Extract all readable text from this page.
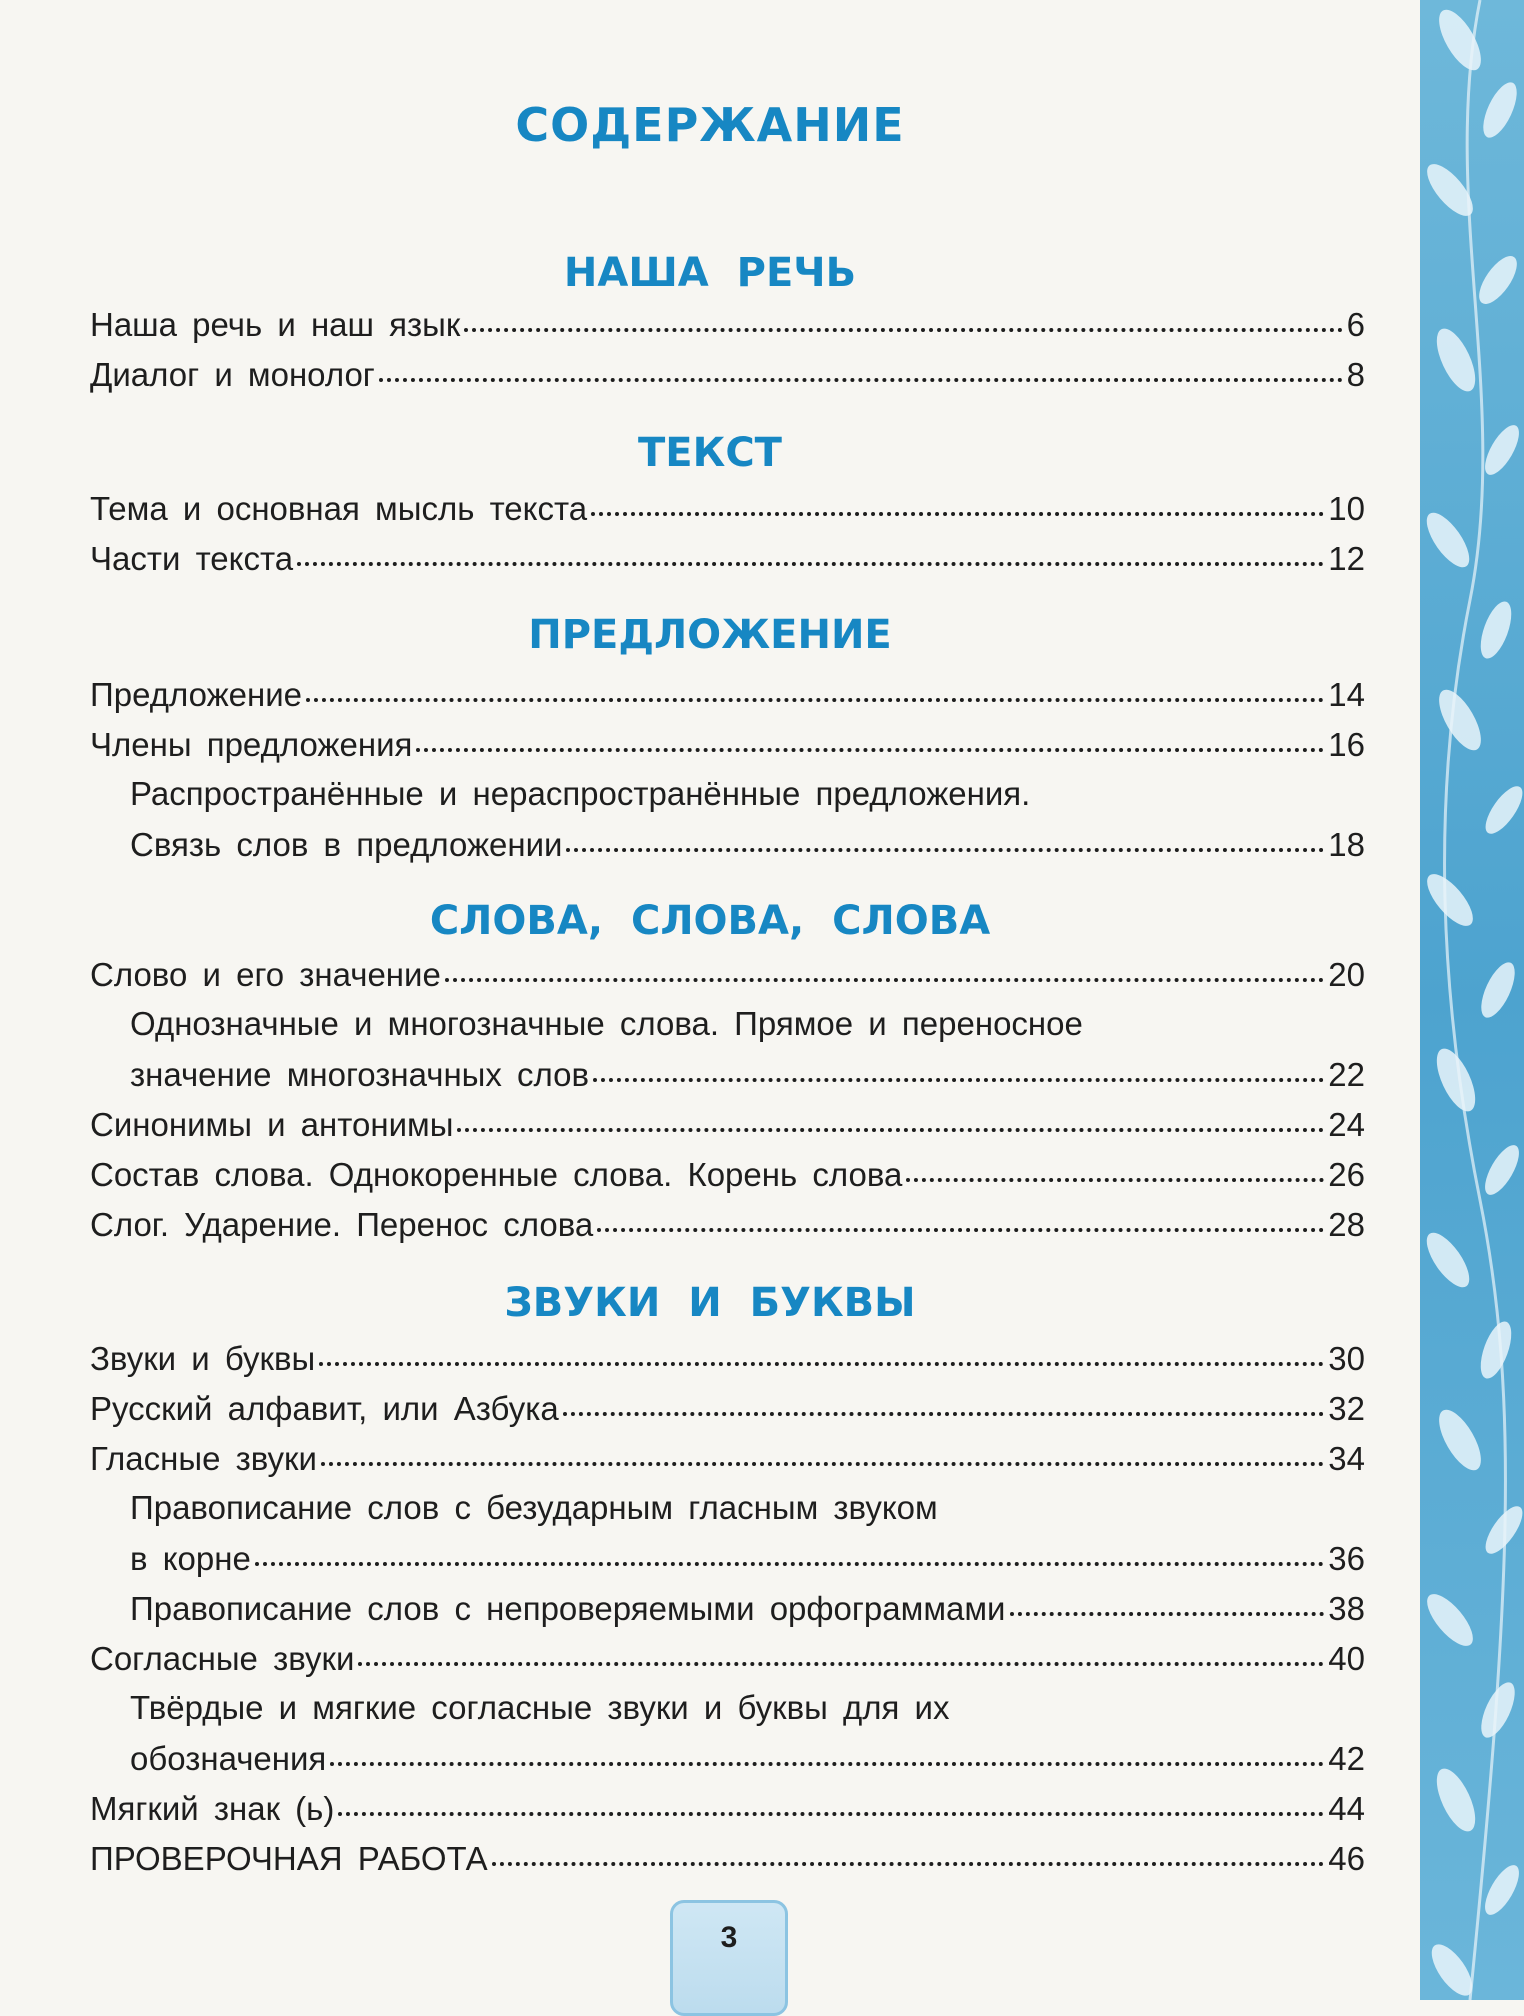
СОДЕРЖАНИЕ
НАША РЕЧЬ
Наша речь и наш язык	6
Диалог и монолог	8
ТЕКСТ
Тема и основная мысль текста	10
Части текста	12
ПРЕДЛОЖЕНИЕ
Предложение	14
Члены предложения	16
Распространённые и нераспространённые предложения.
Связь слов в предложении	18
СЛОВА, СЛОВА, СЛОВА
Слово и его значение	20
Однозначные и многозначные слова. Прямое и переносное
значение многозначных слов	22
Синонимы и антонимы	24
Состав слова. Однокоренные слова. Корень слова	26
Слог. Ударение. Перенос слова	28
ЗВУКИ И БУКВЫ
Звуки и буквы	30
Русский алфавит, или Азбука	32
Гласные звуки	34
Правописание слов с безударным гласным звуком
в корне	36
Правописание слов с непроверяемыми орфограммами	38
Согласные звуки	40
Твёрдые и мягкие согласные звуки и буквы для их
обозначения	42
Мягкий знак (ь)	44
ПРОВЕРОЧНАЯ РАБОТА	46
3
